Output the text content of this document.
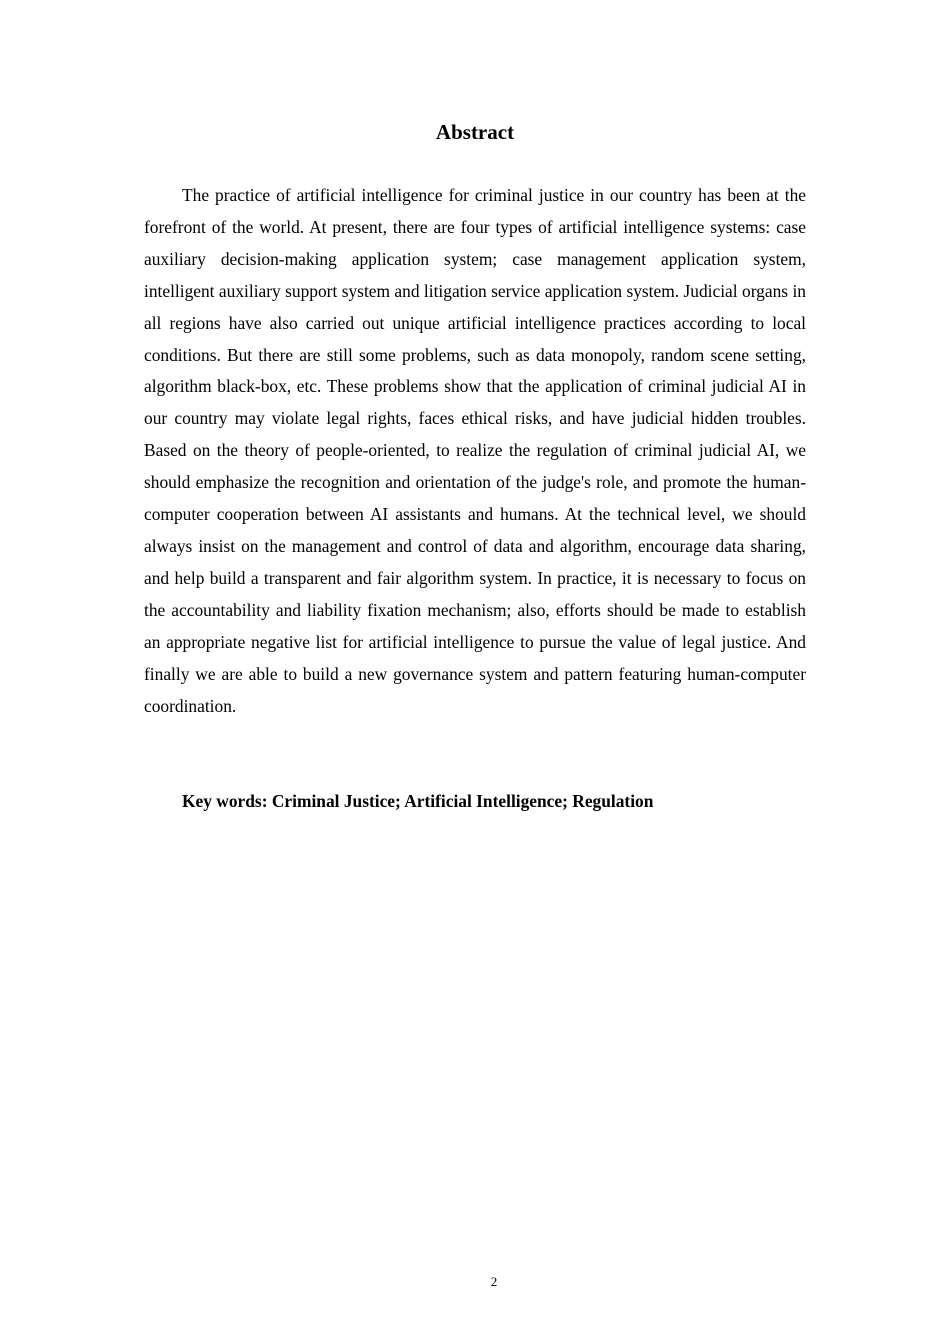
Abstract

The practice of artificial intelligence for criminal justice in our country has been at the forefront of the world. At present, there are four types of artificial intelligence systems: case auxiliary decision-making application system; case management application system, intelligent auxiliary support system and litigation service application system. Judicial organs in all regions have also carried out unique artificial intelligence practices according to local conditions. But there are still some problems, such as data monopoly, random scene setting, algorithm black-box, etc. These problems show that the application of criminal judicial AI in our country may violate legal rights, faces ethical risks, and have judicial hidden troubles. Based on the theory of people-oriented, to realize the regulation of criminal judicial AI, we should emphasize the recognition and orientation of the judge's role, and promote the human-computer cooperation between AI assistants and humans. At the technical level, we should always insist on the management and control of data and algorithm, encourage data sharing, and help build a transparent and fair algorithm system. In practice, it is necessary to focus on the accountability and liability fixation mechanism; also, efforts should be made to establish an appropriate negative list for artificial intelligence to pursue the value of legal justice. And finally we are able to build a new governance system and pattern featuring human-computer coordination.

Key words: Criminal Justice; Artificial Intelligence; Regulation

2
